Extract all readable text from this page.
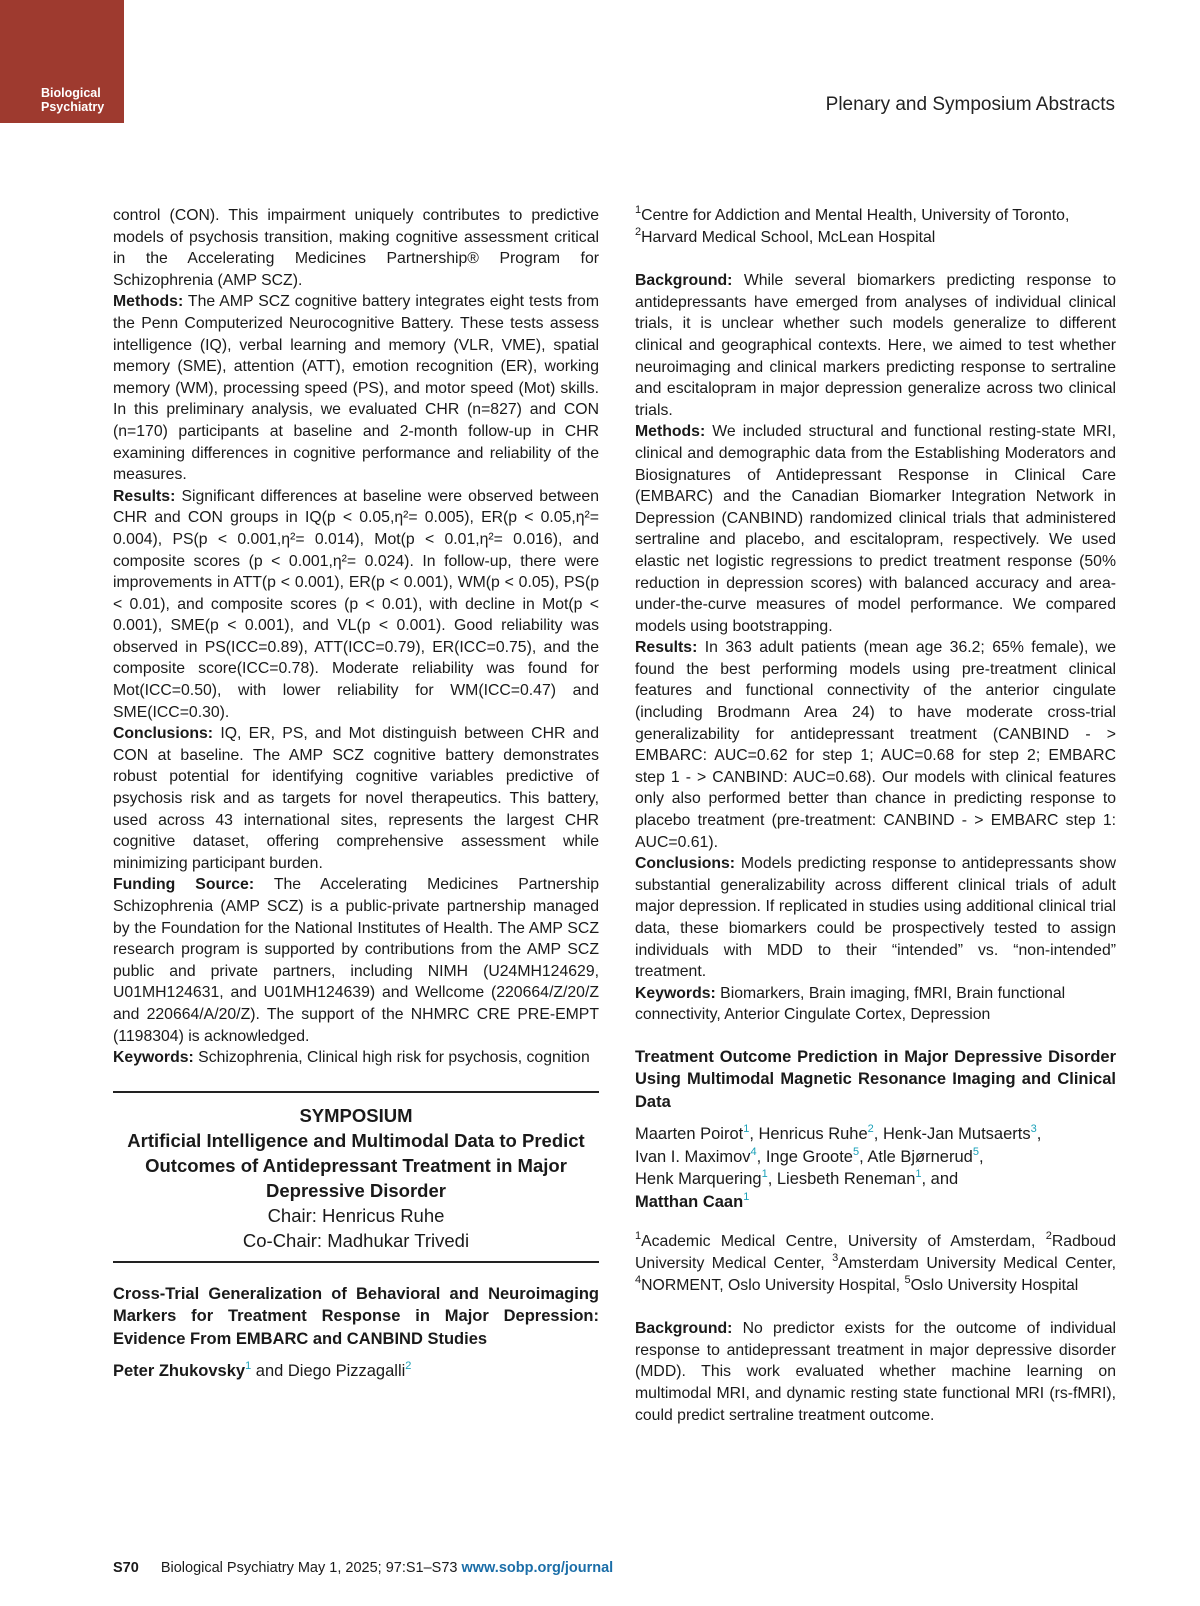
Biological
Psychiatry	Plenary and Symposium Abstracts

control (CON). This impairment uniquely contributes to predictive models of psychosis transition, making cognitive assessment critical in the Accelerating Medicines Partnership® Program for Schizophrenia (AMP SCZ).

Methods: The AMP SCZ cognitive battery integrates eight tests from the Penn Computerized Neurocognitive Battery. These tests assess intelligence (IQ), verbal learning and memory (VLR, VME), spatial memory (SME), attention (ATT), emotion recognition (ER), working memory (WM), processing speed (PS), and motor speed (Mot) skills. In this preliminary analysis, we evaluated CHR (n=827) and CON (n=170) participants at baseline and 2-month follow-up in CHR examining differences in cognitive performance and reliability of the measures.

Results: Significant differences at baseline were observed between CHR and CON groups in IQ(p < 0.05,η²= 0.005), ER(p < 0.05,η²= 0.004), PS(p < 0.001,η²= 0.014), Mot(p < 0.01,η²= 0.016), and composite scores (p < 0.001,η²= 0.024). In follow-up, there were improvements in ATT(p < 0.001), ER(p < 0.001), WM(p < 0.05), PS(p < 0.01), and composite scores (p < 0.01), with decline in Mot(p < 0.001), SME(p < 0.001), and VL(p < 0.001). Good reliability was observed in PS(ICC=0.89), ATT(ICC=0.79), ER(ICC=0.75), and the composite score(ICC=0.78). Moderate reliability was found for Mot(ICC=0.50), with lower reliability for WM(ICC=0.47) and SME(ICC=0.30).

Conclusions: IQ, ER, PS, and Mot distinguish between CHR and CON at baseline. The AMP SCZ cognitive battery demonstrates robust potential for identifying cognitive variables predictive of psychosis risk and as targets for novel therapeutics. This battery, used across 43 international sites, represents the largest CHR cognitive dataset, offering comprehensive assessment while minimizing participant burden.

Funding Source: The Accelerating Medicines Partnership Schizophrenia (AMP SCZ) is a public-private partnership managed by the Foundation for the National Institutes of Health. The AMP SCZ research program is supported by contributions from the AMP SCZ public and private partners, including NIMH (U24MH124629, U01MH124631, and U01MH124639) and Wellcome (220664/Z/20/Z and 220664/A/20/Z). The support of the NHMRC CRE PRE-EMPT (1198304) is acknowledged.

Keywords: Schizophrenia, Clinical high risk for psychosis, cognition

SYMPOSIUM
Artificial Intelligence and Multimodal Data to Predict Outcomes of Antidepressant Treatment in Major Depressive Disorder
Chair: Henricus Ruhe
Co-Chair: Madhukar Trivedi

Cross-Trial Generalization of Behavioral and Neuroimaging Markers for Treatment Response in Major Depression: Evidence From EMBARC and CANBIND Studies

Peter Zhukovsky$^1$ and Diego Pizzagalli$^2$

$^1$Centre for Addiction and Mental Health, University of Toronto, $^2$Harvard Medical School, McLean Hospital

Background: While several biomarkers predicting response to antidepressants have emerged from analyses of individual clinical trials, it is unclear whether such models generalize to different clinical and geographical contexts. Here, we aimed to test whether neuroimaging and clinical markers predicting response to sertraline and escitalopram in major depression generalize across two clinical trials.

Methods: We included structural and functional resting-state MRI, clinical and demographic data from the Establishing Moderators and Biosignatures of Antidepressant Response in Clinical Care (EMBARC) and the Canadian Biomarker Integration Network in Depression (CANBIND) randomized clinical trials that administered sertraline and placebo, and escitalopram, respectively. We used elastic net logistic regressions to predict treatment response (50% reduction in depression scores) with balanced accuracy and area-under-the-curve measures of model performance. We compared models using bootstrapping.

Results: In 363 adult patients (mean age 36.2; 65% female), we found the best performing models using pre-treatment clinical features and functional connectivity of the anterior cingulate (including Brodmann Area 24) to have moderate cross-trial generalizability for antidepressant treatment (CANBIND - > EMBARC: AUC=0.62 for step 1; AUC=0.68 for step 2; EMBARC step 1 - > CANBIND: AUC=0.68). Our models with clinical features only also performed better than chance in predicting response to placebo treatment (pre-treatment: CANBIND - > EMBARC step 1: AUC=0.61).

Conclusions: Models predicting response to antidepressants show substantial generalizability across different clinical trials of adult major depression. If replicated in studies using additional clinical trial data, these biomarkers could be prospectively tested to assign individuals with MDD to their “intended” vs. “non-intended” treatment.

Keywords: Biomarkers, Brain imaging, fMRI, Brain functional connectivity, Anterior Cingulate Cortex, Depression

Treatment Outcome Prediction in Major Depressive Disorder Using Multimodal Magnetic Resonance Imaging and Clinical Data

Maarten Poirot$^1$, Henricus Ruhe$^2$, Henk-Jan Mutsaerts$^3$,
Ivan I. Maximov$^4$, Inge Groote$^5$, Atle Bjørnerud$^5$,
Henk Marquering$^1$, Liesbeth Reneman$^1$, and
Matthan Caan$^1$

$^1$Academic Medical Centre, University of Amsterdam, $^2$Radboud University Medical Center, $^3$Amsterdam University Medical Center, $^4$NORMENT, Oslo University Hospital, $^5$Oslo University Hospital

Background: No predictor exists for the outcome of individual response to antidepressant treatment in major depressive disorder (MDD). This work evaluated whether machine learning on multimodal MRI, and dynamic resting state functional MRI (rs-fMRI), could predict sertraline treatment outcome.

S70 Biological Psychiatry May 1, 2025; 97:S1–S73 www.sobp.org/journal
